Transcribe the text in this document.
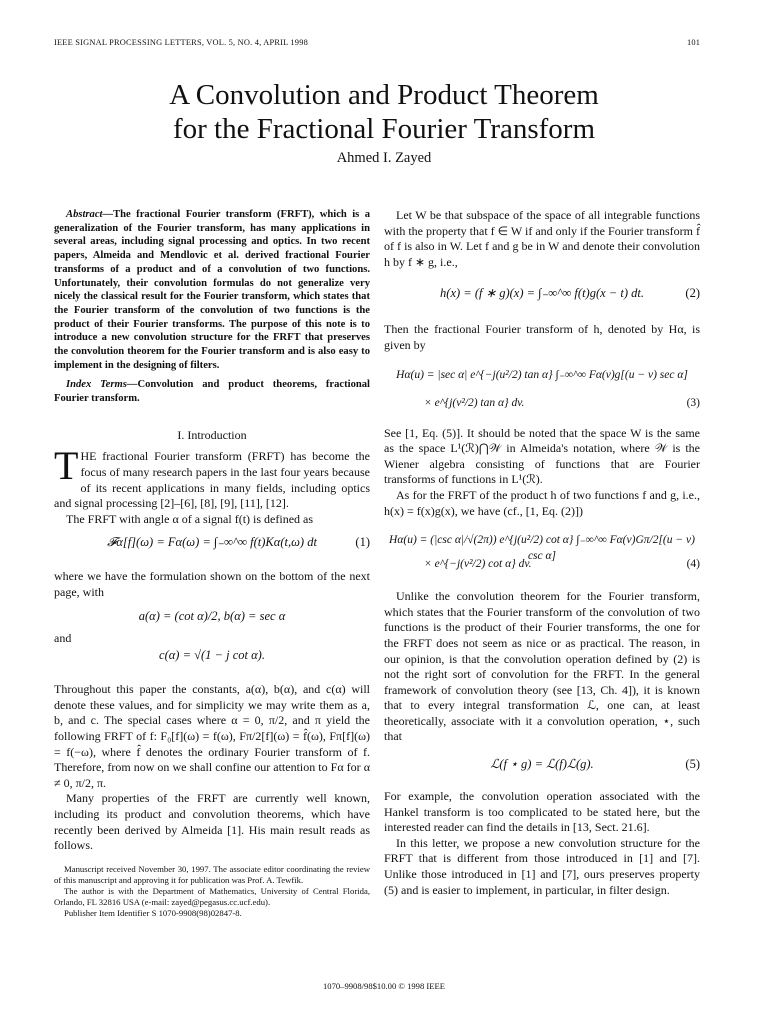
IEEE SIGNAL PROCESSING LETTERS, VOL. 5, NO. 4, APRIL 1998	101
A Convolution and Product Theorem
for the Fractional Fourier Transform
Ahmed I. Zayed
Abstract—The fractional Fourier transform (FRFT), which is a generalization of the Fourier transform, has many applications in several areas, including signal processing and optics. In two recent papers, Almeida and Mendlovic et al. derived fractional Fourier transforms of a product and of a convolution of two functions. Unfortunately, their convolution formulas do not generalize very nicely the classical result for the Fourier transform, which states that the Fourier transform of the convolution of two functions is the product of their Fourier transforms. The purpose of this note is to introduce a new convolution structure for the FRFT that preserves the convolution theorem for the Fourier transform and is also easy to implement in the designing of filters.
Index Terms—Convolution and product theorems, fractional Fourier transform.
I. Introduction

THE fractional Fourier transform (FRFT) has become the focus of many research papers in the last four years because of its recent applications in many fields, including optics and signal processing [2]–[6], [8], [9], [11], [12].

The FRFT with angle α of a signal f(t) is defined as

𝓕α[f](ω) = Fα(ω) = ∫₋∞^∞ f(t)Kα(t,ω) dt	(1)

where we have the formulation shown on the bottom of the next page, with

a(α) = (cot α)/2, b(α) = sec α

and

c(α) = √(1 − j cot α).

Throughout this paper the constants, a(α), b(α), and c(α) will denote these values, and for simplicity we may write them as a, b, and c. The special cases where α = 0, π/2, and π yield the following FRFT of f: F₀[f](ω) = f(ω), Fπ/2[f](ω) = f̂(ω), Fπ[f](ω) = f(−ω), where f̂ denotes the ordinary Fourier transform of f. Therefore, from now on we shall confine our attention to Fα for α ≠ 0, π/2, π.

Many properties of the FRFT are currently well known, including its product and convolution theorems, which have recently been derived by Almeida [1]. His main result reads as follows.

Manuscript received November 30, 1997. The associate editor coordinating the review of this manuscript and approving it for publication was Prof. A. Tewfik.

The author is with the Department of Mathematics, University of Central Florida, Orlando, FL 32816 USA (e-mail: zayed@pegasus.cc.ucf.edu).

Publisher Item Identifier S 1070-9908(98)02847-8.

Let W be that subspace of the space of all integrable functions with the property that f ∈ W if and only if the Fourier transform f̂ of f is also in W. Let f and g be in W and denote their convolution h by f ∗ g, i.e.,

h(x) = (f ∗ g)(x) = ∫₋∞^∞ f(t)g(x − t) dt.	(2)

Then the fractional Fourier transform of h, denoted by Hα, is given by

Hα(u) = |sec α| e^{−j(u²/2) tan α} ∫₋∞^∞ Fα(v)g[(u − v) sec α]
× e^{j(v²/2) tan α} dv.	(3)

See [1, Eq. (5)]. It should be noted that the space W is the same as the space L¹(ℛ)⋂𝒲 in Almeida's notation, where 𝒲 is the Wiener algebra consisting of functions that are Fourier transforms of functions in L¹(ℛ).

As for the FRFT of the product h of two functions f and g, i.e., h(x) = f(x)g(x), we have (cf., [1, Eq. (2)])

Hα(u) = (|csc α|/√(2π)) e^{j(u²/2) cot α} ∫₋∞^∞ Fα(v)Gπ/2[(u − v) csc α]
× e^{−j(v²/2) cot α} dv.	(4)

Unlike the convolution theorem for the Fourier transform, which states that the Fourier transform of the convolution of two functions is the product of their Fourier transforms, the one for the FRFT does not seem as nice or as practical. The reason, in our opinion, is that the convolution operation defined by (2) is not the right sort of convolution for the FRFT. In the general framework of convolution theory (see [13, Ch. 4]), it is known that to every integral transformation ℒ, one can, at least theoretically, associate with it a convolution operation, ⋆, such that

ℒ(f ⋆ g) = ℒ(f)ℒ(g).	(5)

For example, the convolution operation associated with the Hankel transform is too complicated to be stated here, but the interested reader can find the details in [13, Sect. 21.6].

In this letter, we propose a new convolution structure for the FRFT that is different from those introduced in [1] and [7]. Unlike those introduced in [1] and [7], ours preserves property (5) and is easier to implement, in particular, in filter design.

1070–9908/98$10.00 © 1998 IEEE
